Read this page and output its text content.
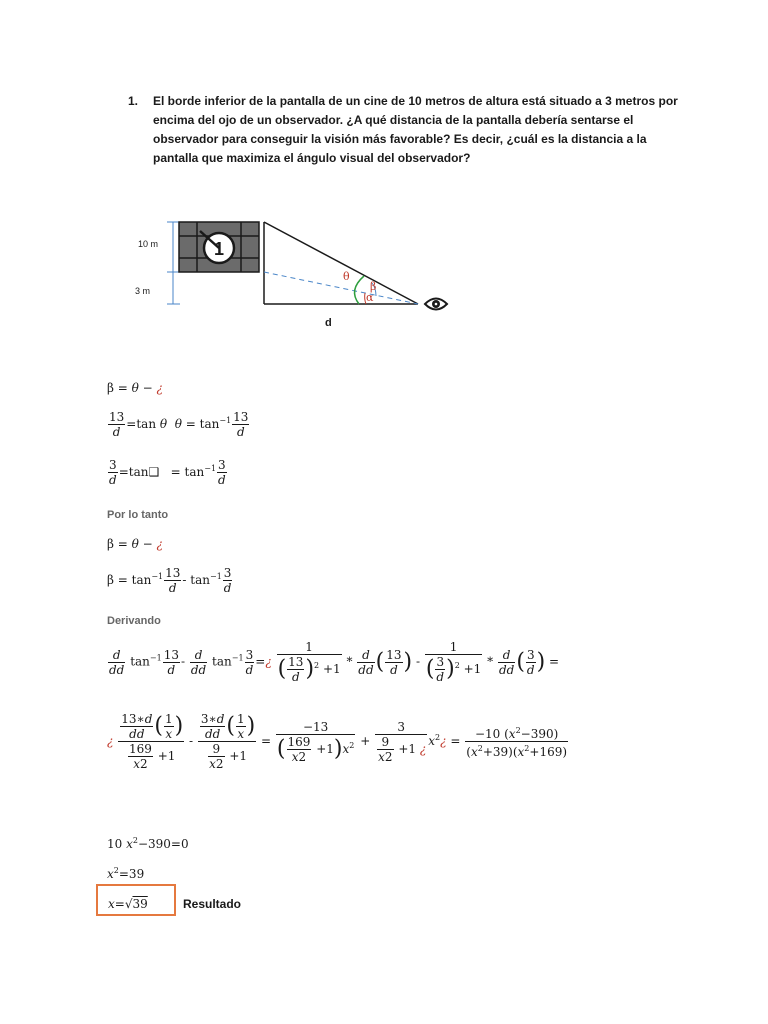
1. El borde inferior de la pantalla de un cine de 10 metros de altura está situado a 3 metros por encima del ojo de un observador. ¿A qué distancia de la pantalla debería sentarse el observador para conseguir la visión más favorable? Es decir, ¿cuál es la distancia a la pantalla que maximiza el ángulo visual del observador?
10 m
3 m
1
θ
β
α
d
β = θ − ¿
$\frac{13}{d} =\tan$ θ $\theta = \tan^{-1} \frac{13}{d}$
$\frac{3}{d}$ =tan❑   = $\tan^{-1} \frac{3}{d}$
Por lo tanto
β = θ − ¿
$\beta = \tan^{-1} \frac{13}{d} - \tan^{-1} \frac{3}{d}$
Derivando
$\frac{d}{dd} \tan^{-1} \frac{13}{d} - \frac{d}{dd} \tan^{-1} \frac{3}{d}$ =¿ $\frac{1}{( \frac{13}{d} )^2 +1} * \frac{d}{dd}$ ( $\frac{13}{d}$ ) - $\frac{1}{( \frac{3}{d} )^2 +1} * \frac{d}{dd}$ ( $\frac{3}{d}$ ) =
¿ $\frac{\frac{13∗d}{dd} ( \frac{1}{x} )}{\frac{169}{x2} +1} - \frac{\frac{3∗d}{dd} ( \frac{1}{x} )}{\frac{9}{x2} +1} = \frac{-13}{( \frac{169}{x2} +1)x^2} + \frac{3}{\frac{9}{x2} +1 ¿}$ $x^2¿ = \frac{-10 (x^2-390)}{(x^2+39)(x^2+169)}$
10 $x^2-390=0$
$x^2=39$
x=√39	Resultado
